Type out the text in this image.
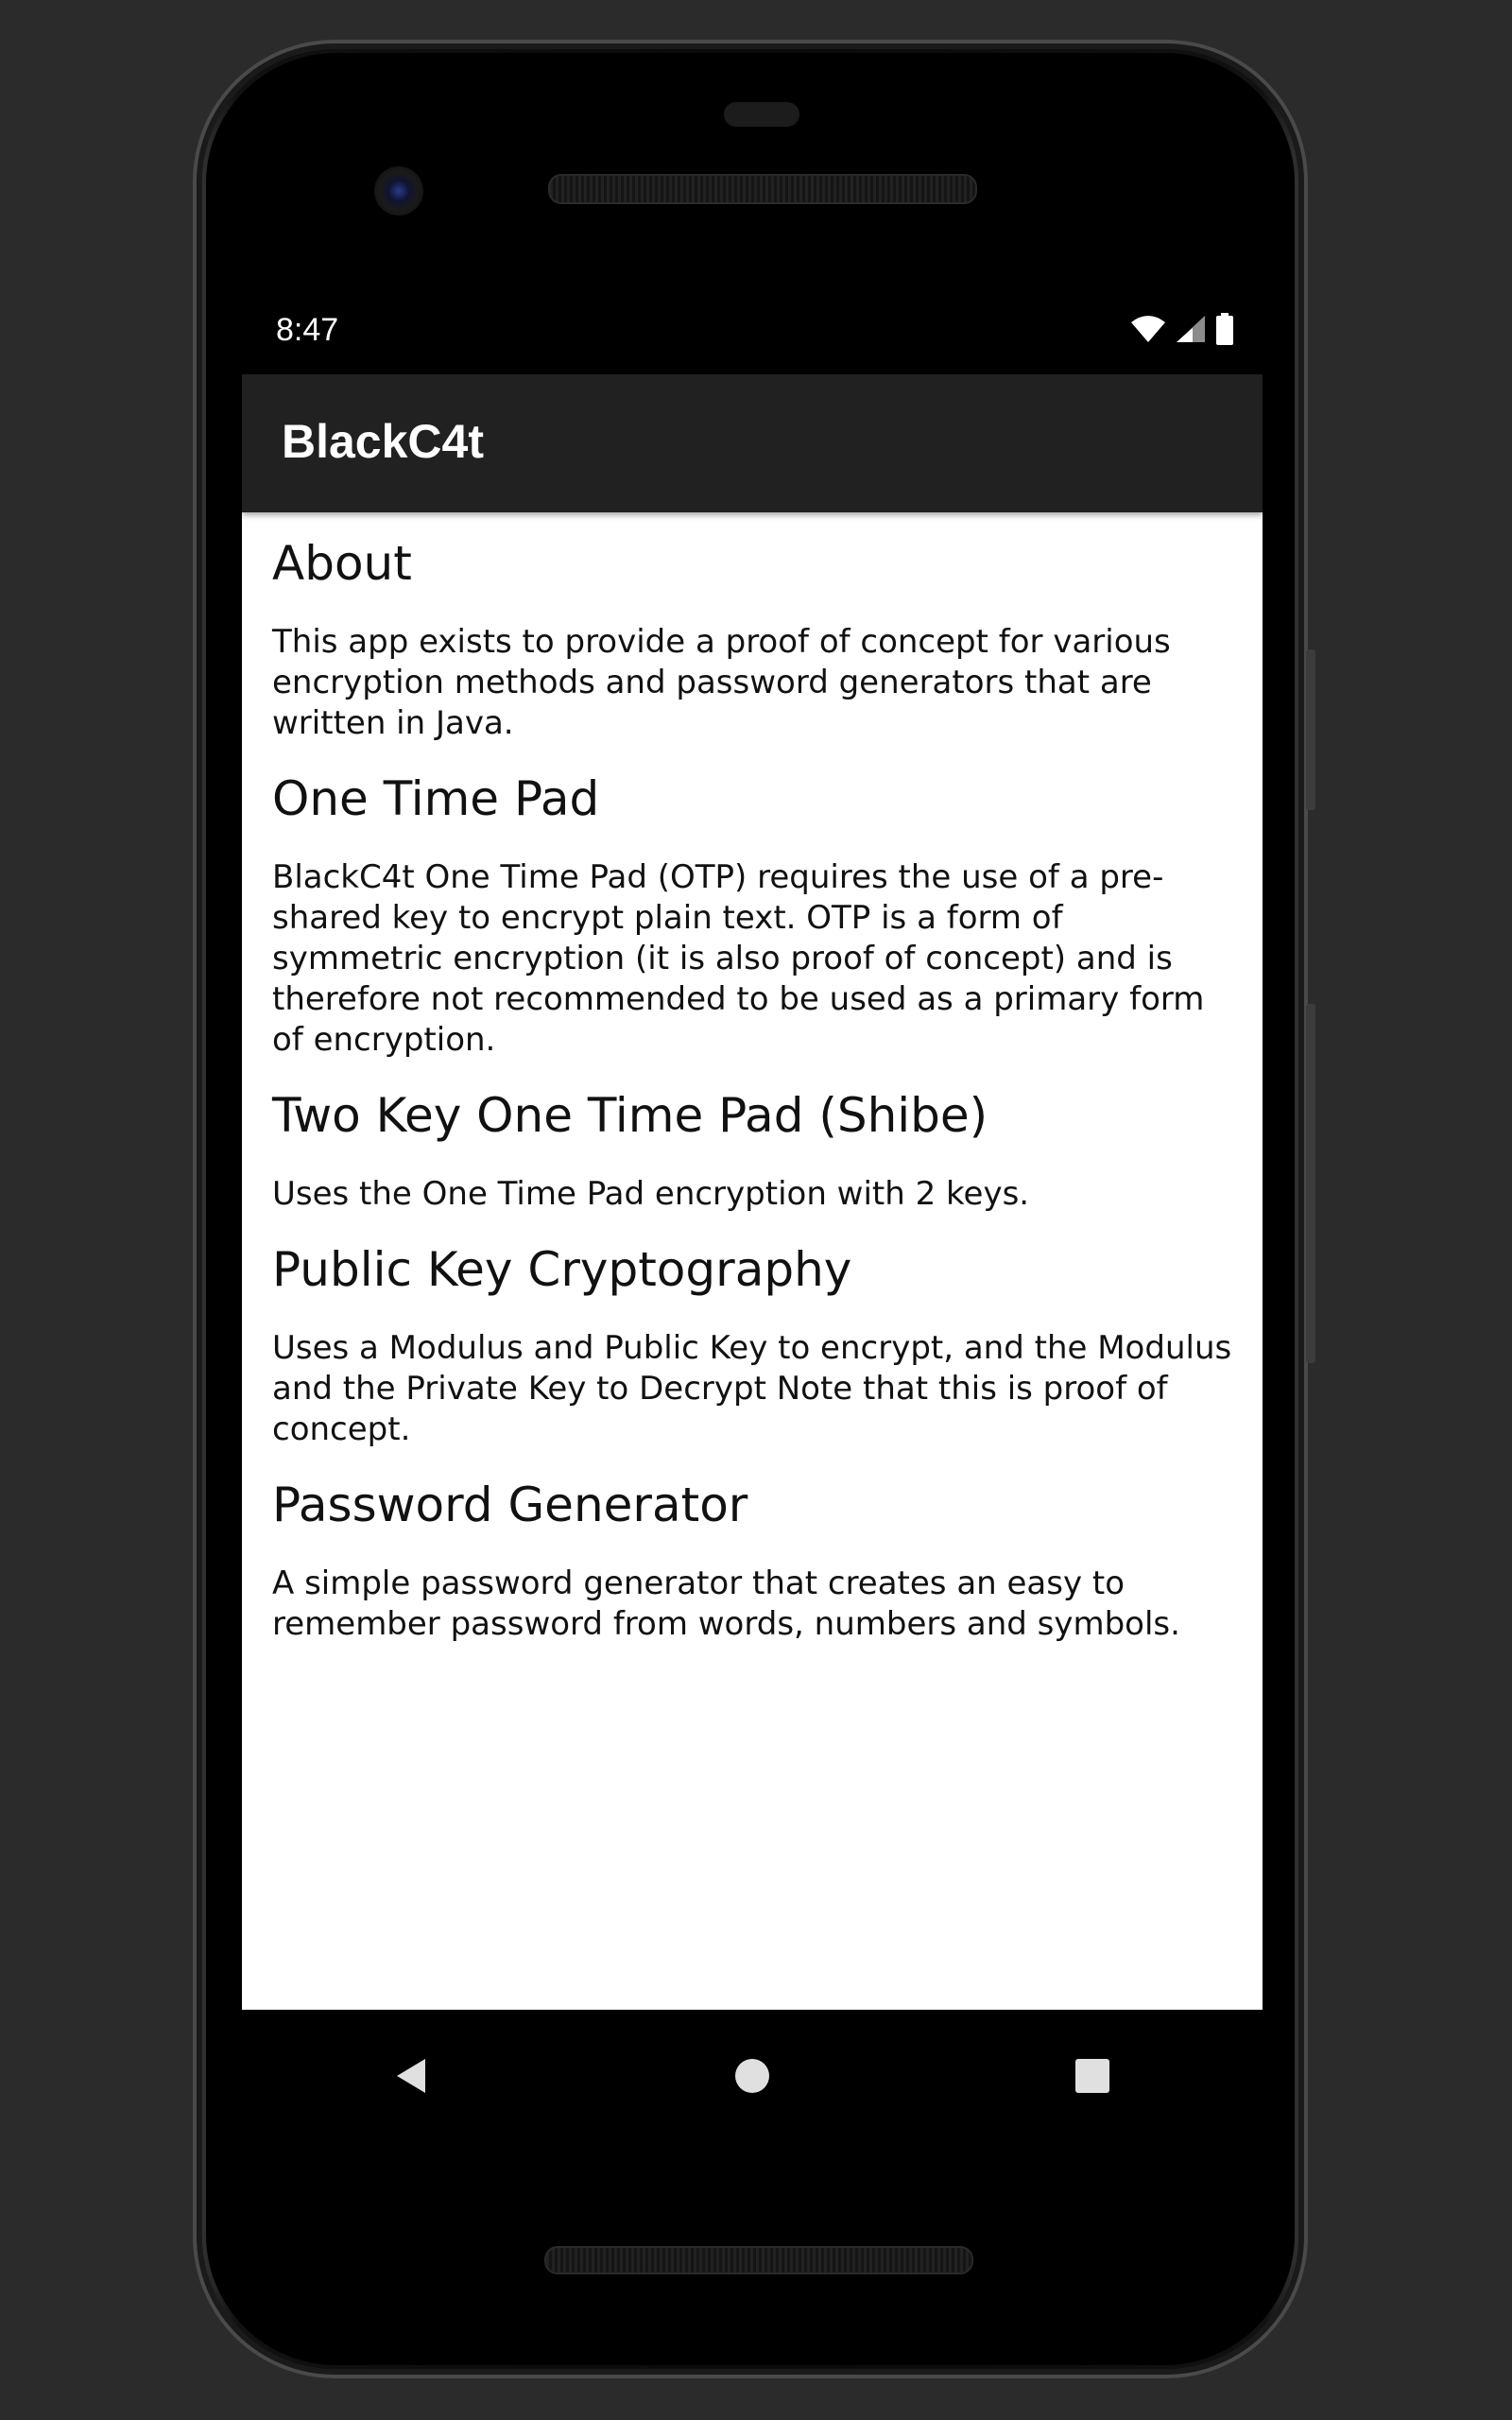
8:47
BlackC4t
About
This app exists to provide a proof of concept for various encryption methods and password generators that are written in Java.
One Time Pad
BlackC4t One Time Pad (OTP) requires the use of a pre-shared key to encrypt plain text. OTP is a form of symmetric encryption (it is also proof of concept) and is therefore not recommended to be used as a primary form of encryption.
Two Key One Time Pad (Shibe)
Uses the One Time Pad encryption with 2 keys.
Public Key Cryptography
Uses a Modulus and Public Key to encrypt, and the Modulus and the Private Key to Decrypt Note that this is proof of concept.
Password Generator
A simple password generator that creates an easy to remember password from words, numbers and symbols.
